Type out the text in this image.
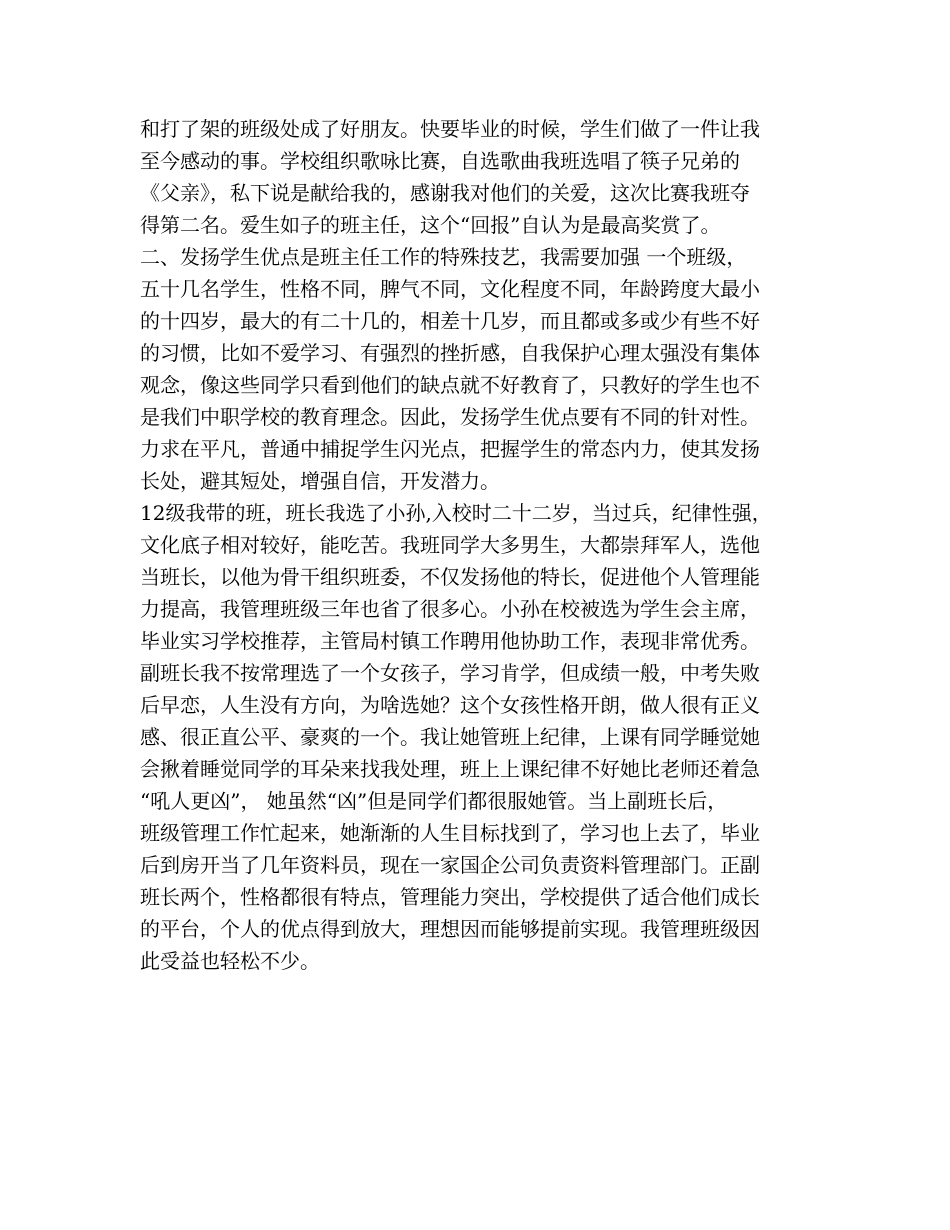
和打了架的班级处成了好朋友。快要毕业的时候，学生们做了一件让我
至今感动的事。学校组织歌咏比赛，自选歌曲我班选唱了筷子兄弟的
《父亲》，私下说是献给我的，感谢我对他们的关爱，这次比赛我班夺
得第二名。爱生如子的班主任，这个“回报”自认为是最高奖赏了。
二、发扬学生优点是班主任工作的特殊技艺，我需要加强 一个班级，
五十几名学生，性格不同，脾气不同，文化程度不同，年龄跨度大最小
的十四岁，最大的有二十几的，相差十几岁，而且都或多或少有些不好
的习惯，比如不爱学习、有强烈的挫折感，自我保护心理太强没有集体
观念，像这些同学只看到他们的缺点就不好教育了，只教好的学生也不
是我们中职学校的教育理念。因此，发扬学生优点要有不同的针对性。
力求在平凡，普通中捕捉学生闪光点，把握学生的常态内力，使其发扬
长处，避其短处，增强自信，开发潜力。
12级我带的班，班长我选了小孙,入校时二十二岁，当过兵，纪律性强，
文化底子相对较好，能吃苦。我班同学大多男生，大都崇拜军人，选他
当班长，以他为骨干组织班委，不仅发扬他的特长，促进他个人管理能
力提高，我管理班级三年也省了很多心。小孙在校被选为学生会主席，
毕业实习学校推荐，主管局村镇工作聘用他协助工作，表现非常优秀。
副班长我不按常理选了一个女孩子，学习肯学，但成绩一般，中考失败
后早恋，人生没有方向，为啥选她？这个女孩性格开朗，做人很有正义
感、很正直公平、豪爽的一个。我让她管班上纪律，上课有同学睡觉她
会揪着睡觉同学的耳朵来找我处理，班上上课纪律不好她比老师还着急
“吼人更凶”， 她虽然“凶”但是同学们都很服她管。当上副班长后，
班级管理工作忙起来，她渐渐的人生目标找到了，学习也上去了，毕业
后到房开当了几年资料员，现在一家国企公司负责资料管理部门。正副
班长两个，性格都很有特点，管理能力突出，学校提供了适合他们成长
的平台，个人的优点得到放大，理想因而能够提前实现。我管理班级因
此受益也轻松不少。
